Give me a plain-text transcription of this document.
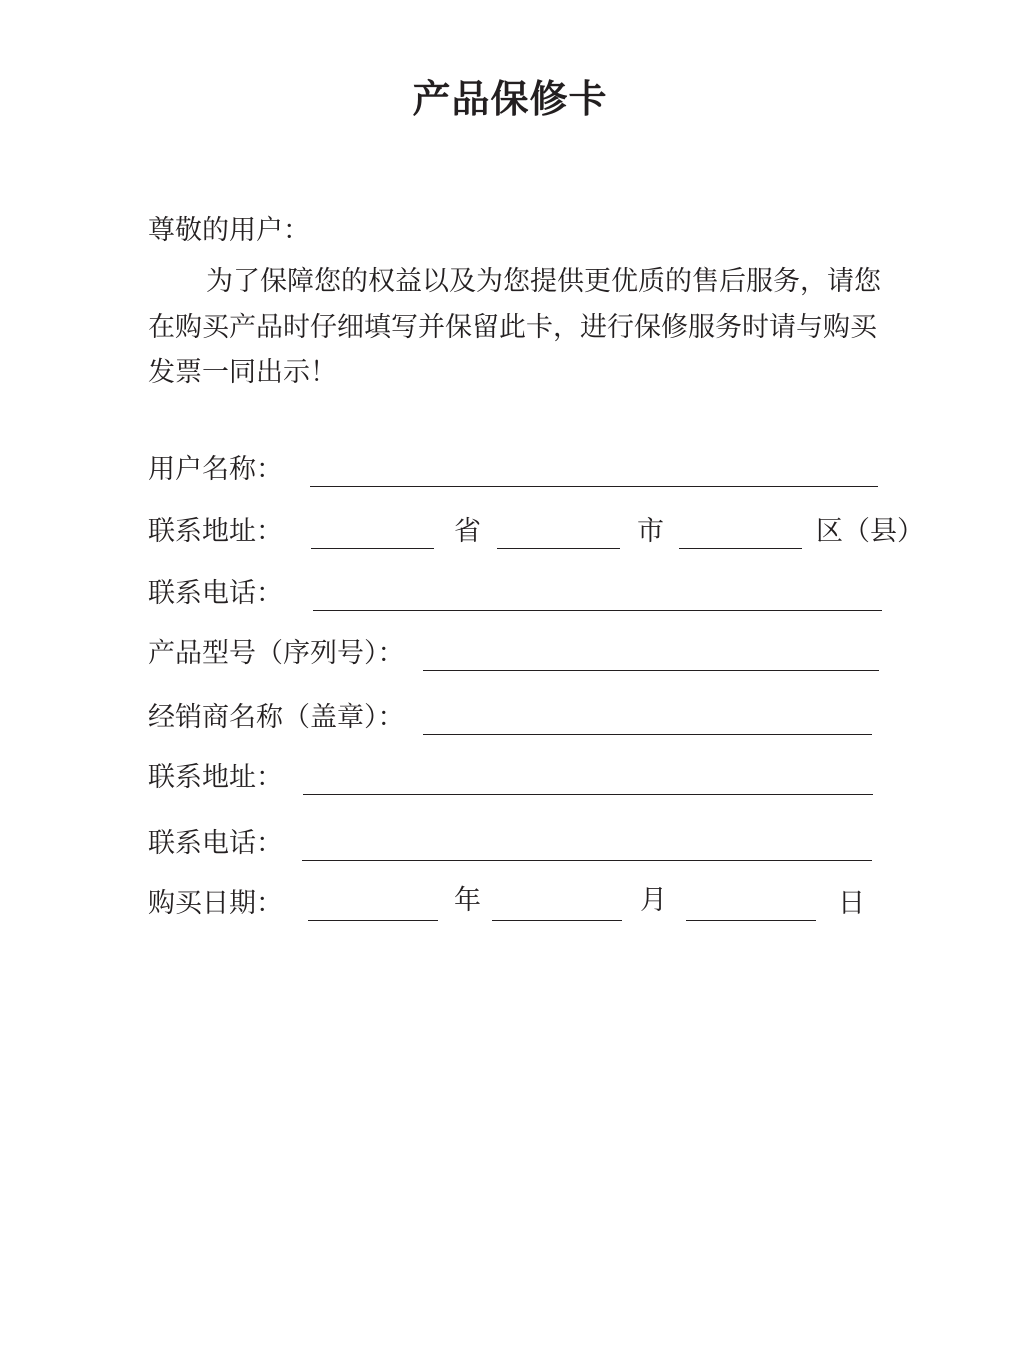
产品保修卡
尊敬的用户：
为了保障您的权益以及为您提供更优质的售后服务，请您在购买产品时仔细填写并保留此卡，进行保修服务时请与购买发票一同出示！
用户名称：
联系地址：	省	市	区（县）
联系电话：
产品型号（序列号）：
经销商名称（盖章）：
联系地址：
联系电话：
购买日期：	年	月	日
